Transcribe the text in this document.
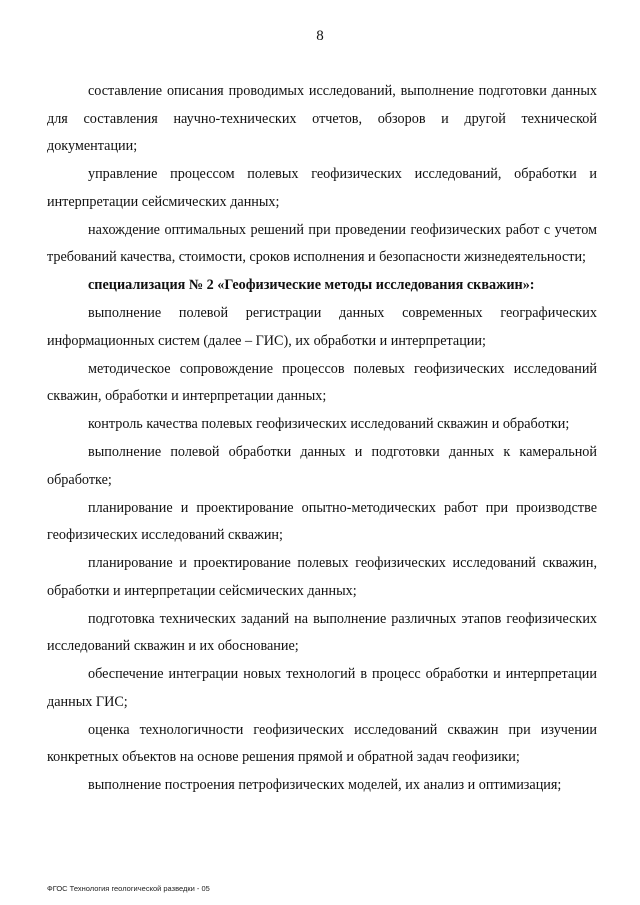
8

составление описания проводимых исследований, выполнение подготовки данных для составления научно-технических отчетов, обзоров и другой технической документации;

управление процессом полевых геофизических исследований, обработки и интерпретации сейсмических данных;

нахождение оптимальных решений при проведении геофизических работ с учетом требований качества, стоимости, сроков исполнения и безопасности жизнедеятельности;

специализация № 2 «Геофизические методы исследования скважин»:

выполнение полевой регистрации данных современных географических информационных систем (далее – ГИС), их обработки и интерпретации;

методическое сопровождение процессов полевых геофизических исследований скважин, обработки и интерпретации данных;

контроль качества полевых геофизических исследований скважин и обработки;

выполнение полевой обработки данных и подготовки данных к камеральной обработке;

планирование и проектирование опытно-методических работ при производстве геофизических исследований скважин;

планирование и проектирование полевых геофизических исследований скважин, обработки и интерпретации сейсмических данных;

подготовка технических заданий на выполнение различных этапов геофизических исследований скважин и их обоснование;

обеспечение интеграции новых технологий в процесс обработки и интерпретации данных ГИС;

оценка технологичности геофизических исследований скважин при изучении конкретных объектов на основе решения прямой и обратной задач геофизики;

выполнение построения петрофизических моделей, их анализ и оптимизация;

ФГОС Технология геологической разведки - 05
